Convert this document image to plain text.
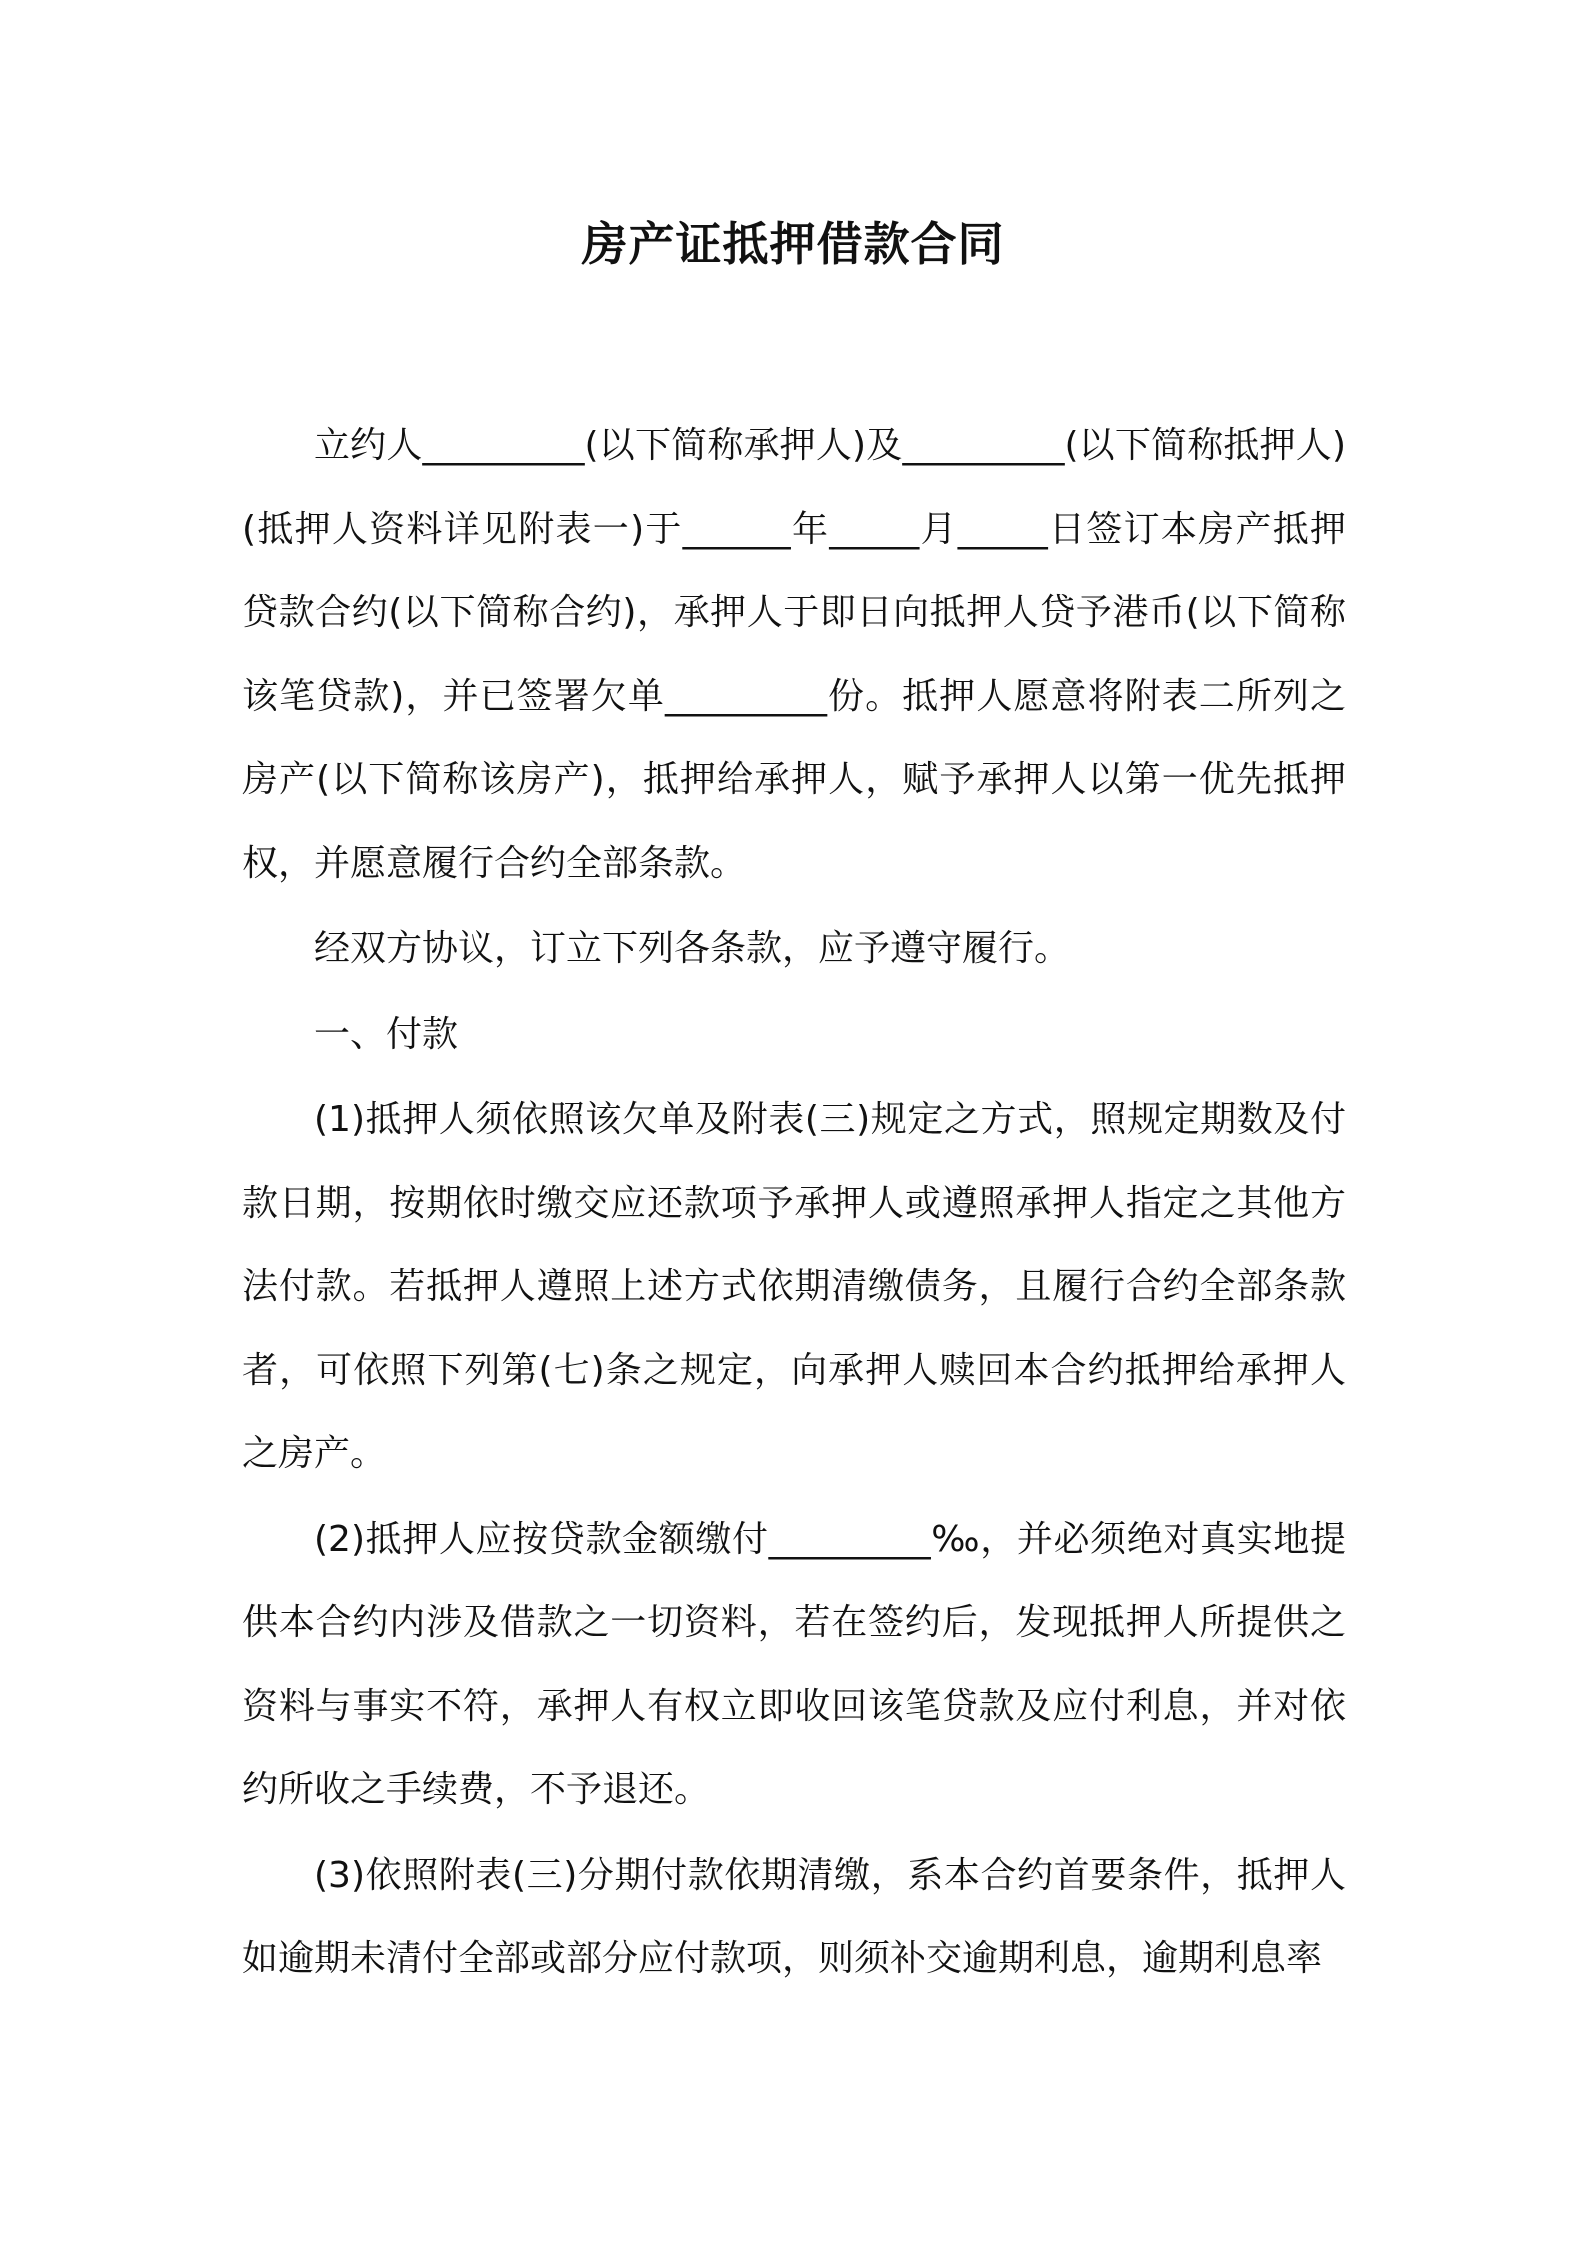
房产证抵押借款合同

立约人_________(以下简称承押人)及_________(以下简称抵押人)(抵押人资料详见附表一)于______年_____月_____日签订本房产抵押贷款合约(以下简称合约)，承押人于即日向抵押人贷予港币(以下简称该笔贷款)，并已签署欠单_________份。抵押人愿意将附表二所列之房产(以下简称该房产)，抵押给承押人，赋予承押人以第一优先抵押权，并愿意履行合约全部条款。

经双方协议，订立下列各条款，应予遵守履行。

一、付款

(1)抵押人须依照该欠单及附表(三)规定之方式，照规定期数及付款日期，按期依时缴交应还款项予承押人或遵照承押人指定之其他方法付款。若抵押人遵照上述方式依期清缴债务，且履行合约全部条款者，可依照下列第(七)条之规定，向承押人赎回本合约抵押给承押人之房产。

(2)抵押人应按贷款金额缴付_________‰，并必须绝对真实地提供本合约内涉及借款之一切资料，若在签约后，发现抵押人所提供之资料与事实不符，承押人有权立即收回该笔贷款及应付利息，并对依约所收之手续费，不予退还。

(3)依照附表(三)分期付款依期清缴，系本合约首要条件，抵押人如逾期未清付全部或部分应付款项，则须补交逾期利息，逾期利息率
